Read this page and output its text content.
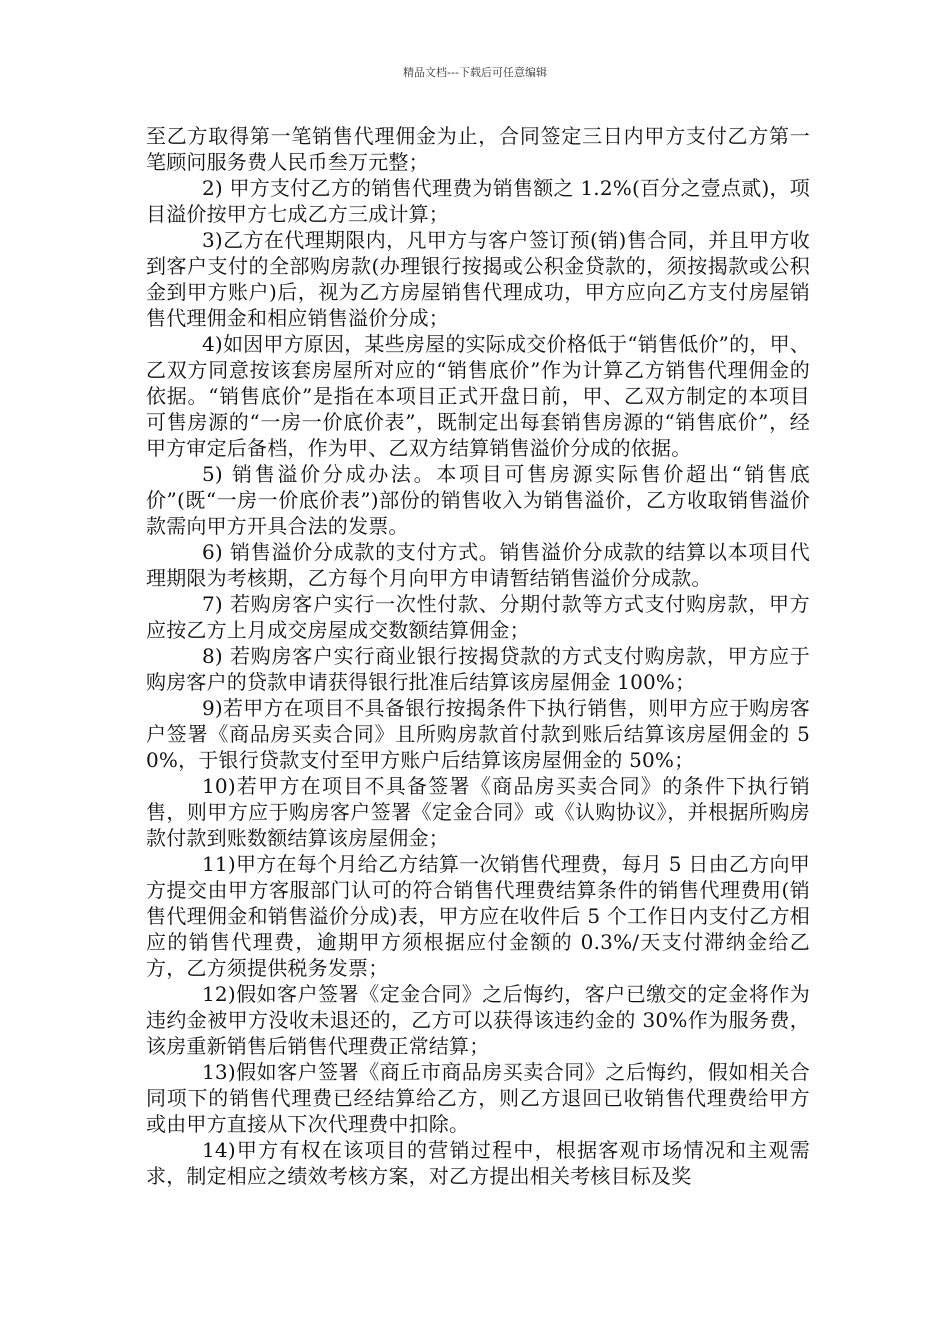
精品文档---下载后可任意编辑

至乙方取得第一笔销售代理佣金为止，合同签定三日内甲方支付乙方第一笔顾问服务费人民币叁万元整；

2) 甲方支付乙方的销售代理费为销售额之 1.2%(百分之壹点贰)，项目溢价按甲方七成乙方三成计算；

3)乙方在代理期限内，凡甲方与客户签订预(销)售合同，并且甲方收到客户支付的全部购房款(办理银行按揭或公积金贷款的，须按揭款或公积金到甲方账户)后，视为乙方房屋销售代理成功，甲方应向乙方支付房屋销售代理佣金和相应销售溢价分成；

4)如因甲方原因，某些房屋的实际成交价格低于“销售低价”的，甲、乙双方同意按该套房屋所对应的“销售底价”作为计算乙方销售代理佣金的依据。“销售底价”是指在本项目正式开盘日前，甲、乙双方制定的本项目可售房源的“一房一价底价表”，既制定出每套销售房源的“销售底价”，经甲方审定后备档，作为甲、乙双方结算销售溢价分成的依据。

5) 销售溢价分成办法。本项目可售房源实际售价超出“销售底价”(既“一房一价底价表”)部份的销售收入为销售溢价，乙方收取销售溢价款需向甲方开具合法的发票。

6) 销售溢价分成款的支付方式。销售溢价分成款的结算以本项目代理期限为考核期，乙方每个月向甲方申请暂结销售溢价分成款。

7) 若购房客户实行一次性付款、分期付款等方式支付购房款，甲方应按乙方上月成交房屋成交数额结算佣金；

8) 若购房客户实行商业银行按揭贷款的方式支付购房款，甲方应于购房客户的贷款申请获得银行批准后结算该房屋佣金 100%；

9)若甲方在项目不具备银行按揭条件下执行销售，则甲方应于购房客户签署《商品房买卖合同》且所购房款首付款到账后结算该房屋佣金的 50%，于银行贷款支付至甲方账户后结算该房屋佣金的 50%；

10)若甲方在项目不具备签署《商品房买卖合同》的条件下执行销售，则甲方应于购房客户签署《定金合同》或《认购协议》，并根据所购房款付款到账数额结算该房屋佣金；

11)甲方在每个月给乙方结算一次销售代理费，每月 5 日由乙方向甲方提交由甲方客服部门认可的符合销售代理费结算条件的销售代理费用(销售代理佣金和销售溢价分成)表，甲方应在收件后 5 个工作日内支付乙方相应的销售代理费，逾期甲方须根据应付金额的 0.3%/天支付滞纳金给乙方，乙方须提供税务发票；

12)假如客户签署《定金合同》之后悔约，客户已缴交的定金将作为违约金被甲方没收未退还的，乙方可以获得该违约金的 30%作为服务费，该房重新销售后销售代理费正常结算；

13)假如客户签署《商丘市商品房买卖合同》之后悔约，假如相关合同项下的销售代理费已经结算给乙方，则乙方退回已收销售代理费给甲方或由甲方直接从下次代理费中扣除。

14)甲方有权在该项目的营销过程中，根据客观市场情况和主观需求，制定相应之绩效考核方案，对乙方提出相关考核目标及奖
